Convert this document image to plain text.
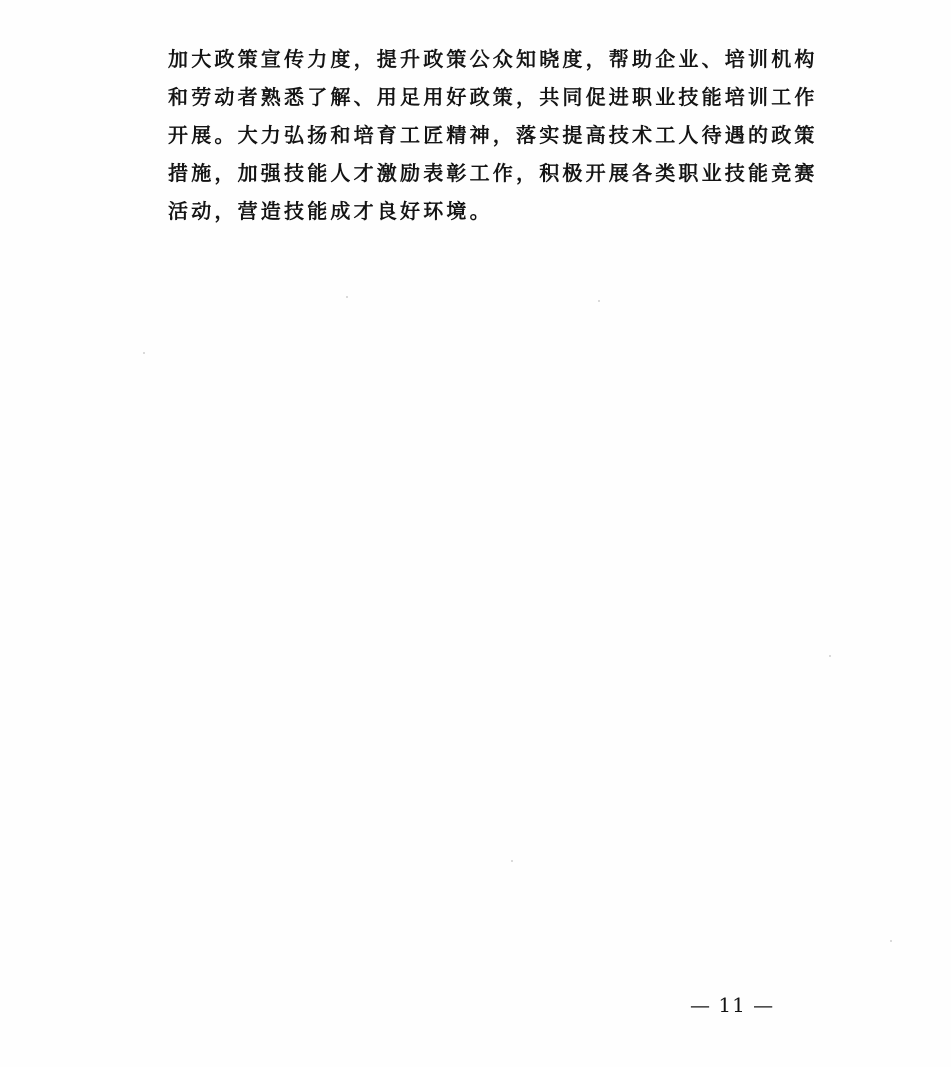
加大政策宣传力度，提升政策公众知晓度，帮助企业、培训机构
和劳动者熟悉了解、用足用好政策，共同促进职业技能培训工作
开展。大力弘扬和培育工匠精神，落实提高技术工人待遇的政策
措施，加强技能人才激励表彰工作，积极开展各类职业技能竞赛
活动，营造技能成才良好环境。
— 11 —
